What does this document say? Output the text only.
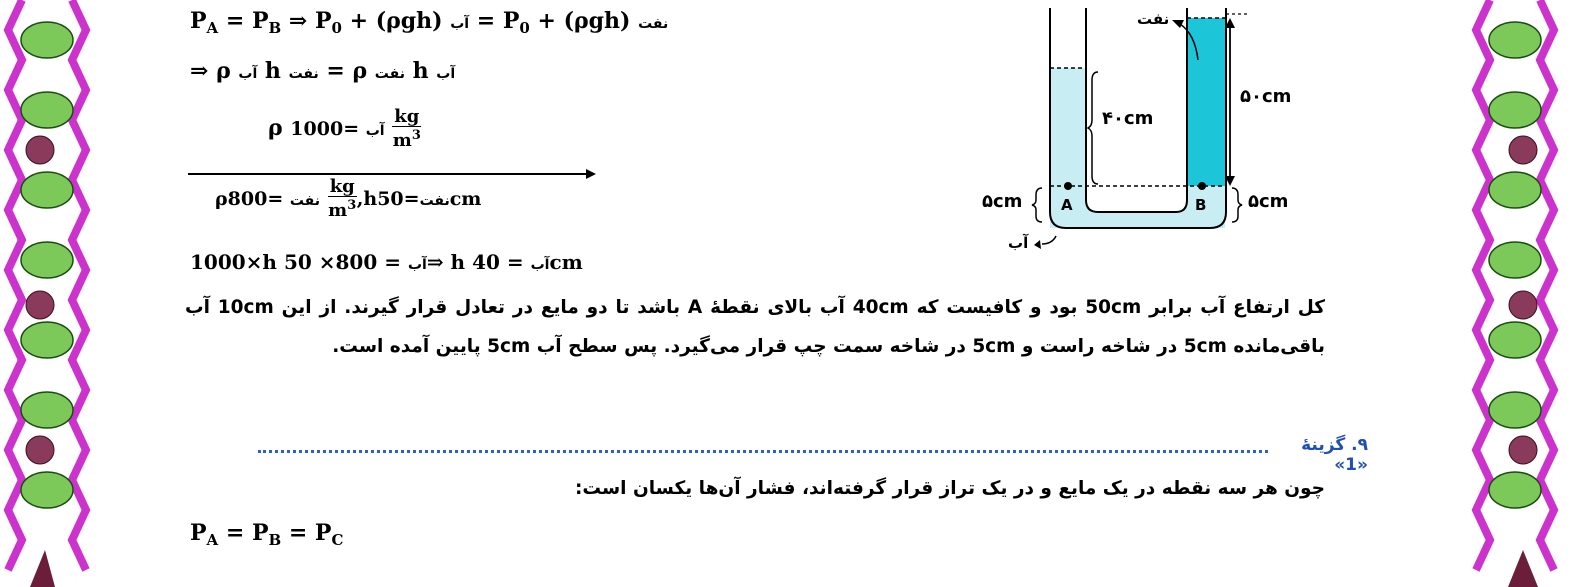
$P_A = P_B$ ⇒ $P_0 + (\rho gh)$ آب = $P_0 + (\rho gh)$ نفت
⇒ ρ آب h نفت = ρ نفت h آب
ρ	آب $=1000 \frac{kg}{m^3}$
ρ	نفت $=800 \frac{kg}{m^3} ,h$	نفت=50cm
1000×h	آب = 800× 50⇒ h	آب = 40cm
نفت
۵۰cm
۴۰cm
۵cm	۵cm
A	B
آب
کل ارتفاع آب برابر 50cm بود و کافیست که 40cm آب بالای نقطهٔ A باشد تا دو مایع در تعادل قرار گیرند. از این 10cm آب باقی‌مانده 5cm در شاخه راست و 5cm در شاخه سمت چپ قرار می‌گیرد. پس سطح آب 5cm پایین آمده است.
۹. گزینهٔ «1»
چون هر سه نقطه در یک مایع و در یک تراز قرار گرفته‌اند، فشار آن‌ها یکسان است:
$P_A = P_B = P_C$
